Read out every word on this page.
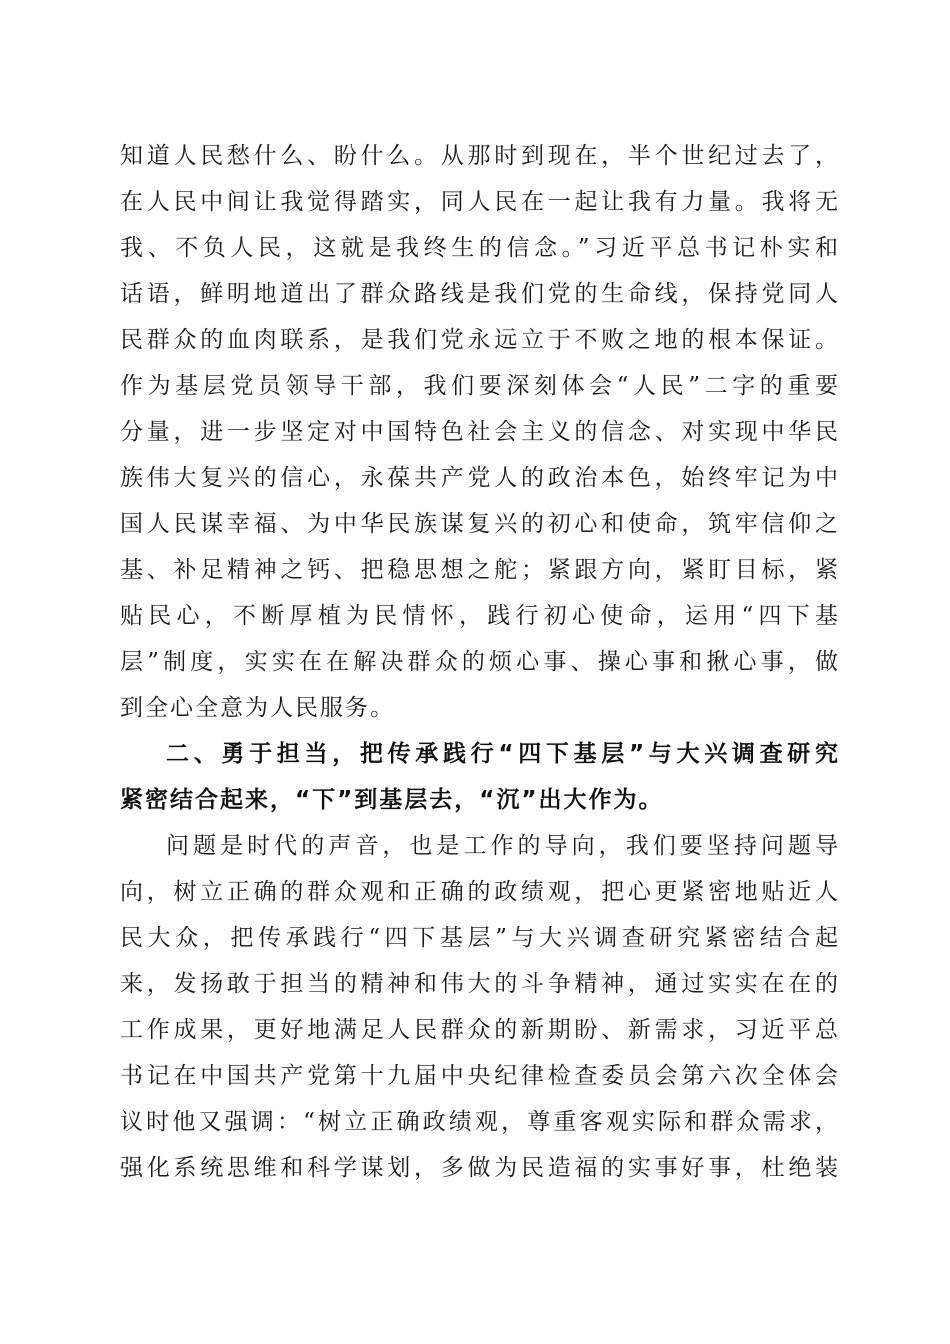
知道人民愁什么、盼什么。从那时到现在，半个世纪过去了，
在人民中间让我觉得踏实，同人民在一起让我有力量。我将无
我、不负人民，这就是我终生的信念。”习近平总书记朴实和
话语，鲜明地道出了群众路线是我们党的生命线，保持党同人
民群众的血肉联系，是我们党永远立于不败之地的根本保证。
作为基层党员领导干部，我们要深刻体会“人民”二字的重要
分量，进一步坚定对中国特色社会主义的信念、对实现中华民
族伟大复兴的信心，永葆共产党人的政治本色，始终牢记为中
国人民谋幸福、为中华民族谋复兴的初心和使命，筑牢信仰之
基、补足精神之钙、把稳思想之舵；紧跟方向，紧盯目标，紧
贴民心，不断厚植为民情怀，践行初心使命，运用“四下基
层”制度，实实在在解决群众的烦心事、操心事和揪心事，做
到全心全意为人民服务。
二、勇于担当，把传承践行“四下基层”与大兴调查研究
紧密结合起来，“下”到基层去，“沉”出大作为。
问题是时代的声音，也是工作的导向，我们要坚持问题导
向，树立正确的群众观和正确的政绩观，把心更紧密地贴近人
民大众，把传承践行“四下基层”与大兴调查研究紧密结合起
来，发扬敢于担当的精神和伟大的斗争精神，通过实实在在的
工作成果，更好地满足人民群众的新期盼、新需求，习近平总
书记在中国共产党第十九届中央纪律检查委员会第六次全体会
议时他又强调：“树立正确政绩观，尊重客观实际和群众需求，
强化系统思维和科学谋划，多做为民造福的实事好事，杜绝装
